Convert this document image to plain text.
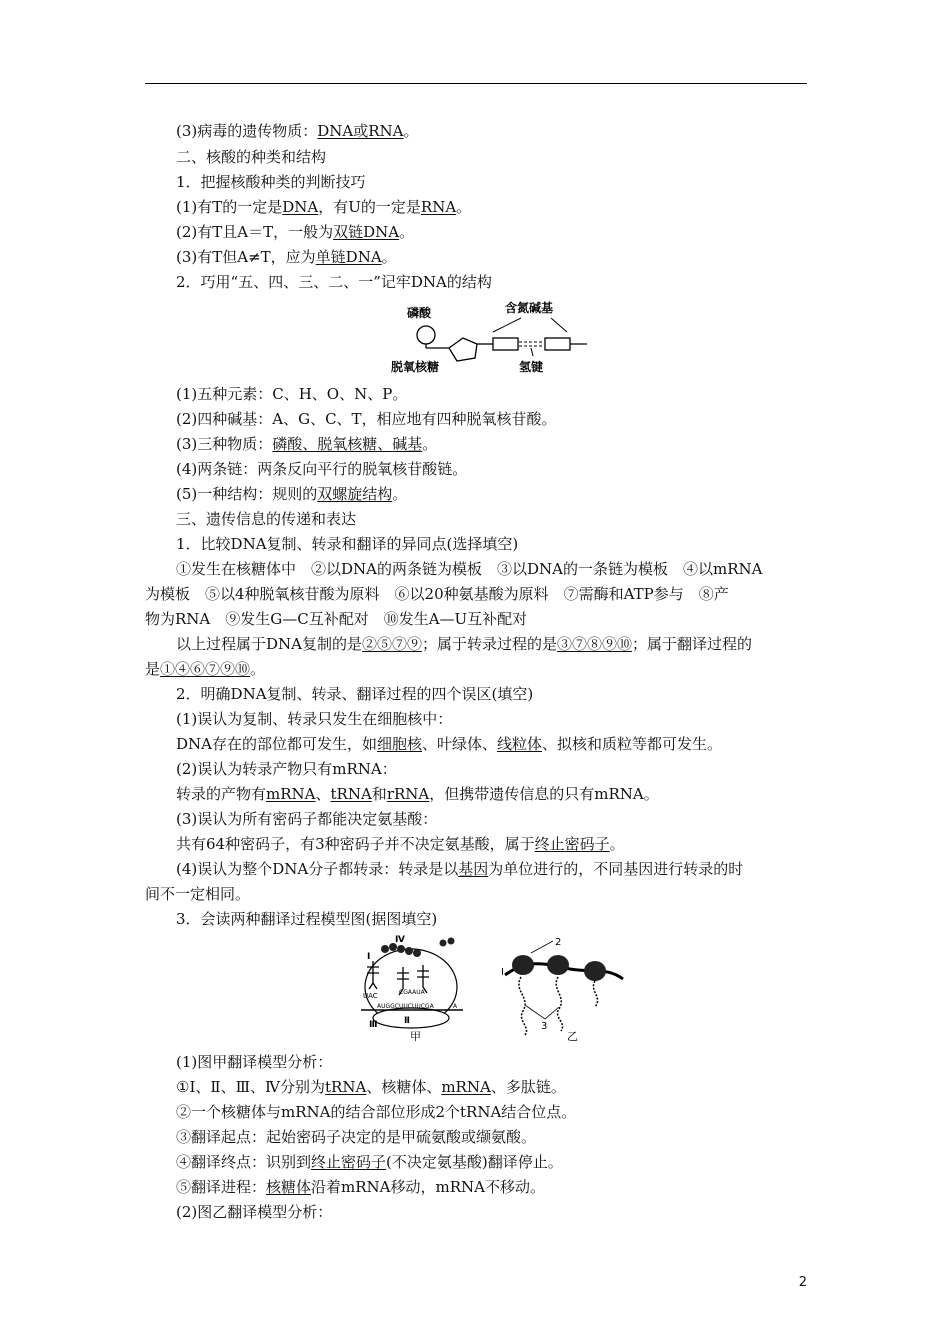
(3)病毒的遗传物质：DNA或RNA。
二、核酸的种类和结构
1．把握核酸种类的判断技巧
(1)有T的一定是DNA，有U的一定是RNA。
(2)有T且A＝T，一般为双链DNA。
(3)有T但A≠T，应为单链DNA。
2．巧用“五、四、三、二、一”记牢DNA的结构
磷酸	含氮碱基
脱氧核糖	氢键
(1)五种元素：C、H、O、N、P。
(2)四种碱基：A、G、C、T，相应地有四种脱氧核苷酸。
(3)三种物质：磷酸、脱氧核糖、碱基。
(4)两条链：两条反向平行的脱氧核苷酸链。
(5)一种结构：规则的双螺旋结构。
三、遗传信息的传递和表达
1．比较DNA复制、转录和翻译的异同点(选择填空)
①发生在核糖体中　②以DNA的两条链为模板　③以DNA的一条链为模板　④以mRNA
为模板　⑤以4种脱氧核苷酸为原料　⑥以20种氨基酸为原料　⑦需酶和ATP参与　⑧产
物为RNA　⑨发生G—C互补配对　⑩发生A—U互补配对
以上过程属于DNA复制的是②⑤⑦⑨；属于转录过程的是③⑦⑧⑨⑩；属于翻译过程的
是①④⑥⑦⑨⑩。
2．明确DNA复制、转录、翻译过程的四个误区(填空)
(1)误认为复制、转录只发生在细胞核中：
DNA存在的部位都可发生，如细胞核、叶绿体、线粒体、拟核和质粒等都可发生。
(2)误认为转录产物只有mRNA：
转录的产物有mRNA、tRNA和rRNA，但携带遗传信息的只有mRNA。
(3)误认为所有密码子都能决定氨基酸：
共有64种密码子，有3种密码子并不决定氨基酸，属于终止密码子。
(4)误认为整个DNA分子都转录：转录是以基因为单位进行的，不同基因进行转录的时
间不一定相同。
3．会读两种翻译过程模型图(据图填空)
AUGGCUUCUUCGA	A
CGAAUA
UAC
Ⅳ
Ⅰ
Ⅲ	Ⅱ
甲
Ⅰ
2
3
乙
(1)图甲翻译模型分析：
①Ⅰ、Ⅱ、Ⅲ、Ⅳ分别为tRNA、核糖体、mRNA、多肽链。
②一个核糖体与mRNA的结合部位形成2个tRNA结合位点。
③翻译起点：起始密码子决定的是甲硫氨酸或缬氨酸。
④翻译终点：识别到终止密码子(不决定氨基酸)翻译停止。
⑤翻译进程：核糖体沿着mRNA移动，mRNA不移动。
(2)图乙翻译模型分析：
2
